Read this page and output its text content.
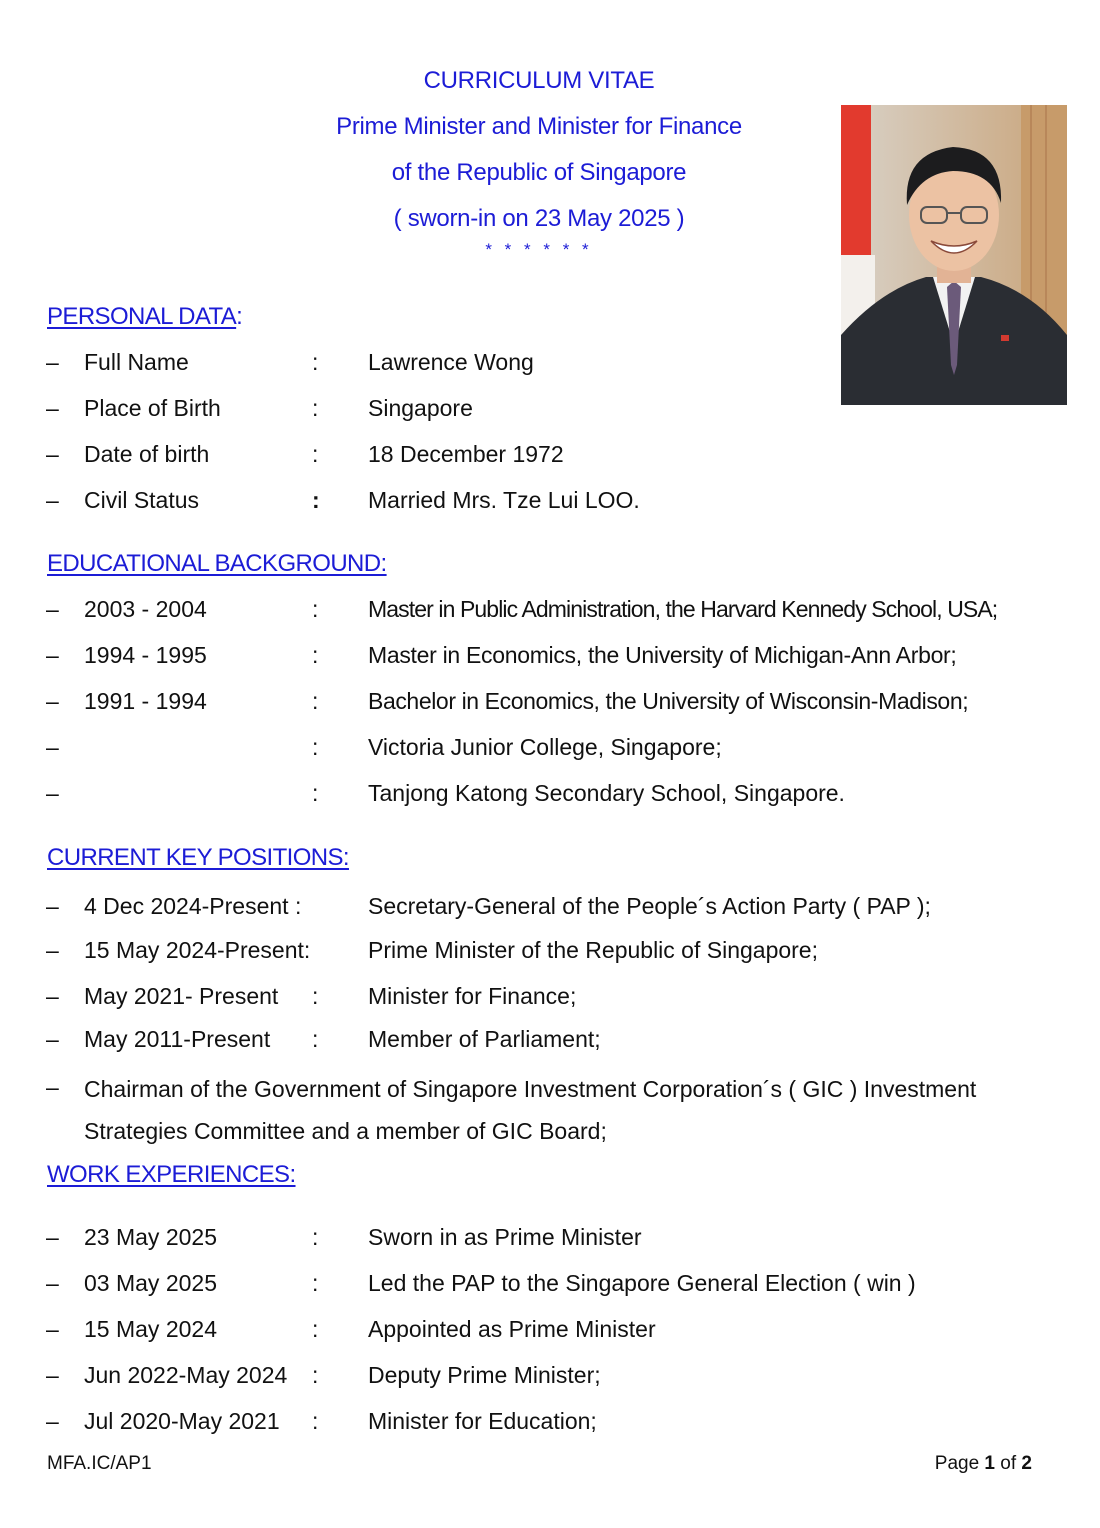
CURRICULUM VITAE
Prime Minister and Minister for Finance
of the Republic of Singapore
( sworn-in on 23 May 2025 )
* * * * * *
PERSONAL DATA:
– Full Name	: Lawrence Wong
– Place of Birth	: Singapore
– Date of birth	: 18 December 1972
– Civil Status	: Married Mrs. Tze Lui LOO.
EDUCATIONAL BACKGROUND:
– 2003 - 2004	: Master in Public Administration, the Harvard Kennedy School, USA;
– 1994 - 1995	: Master in Economics, the University of Michigan-Ann Arbor;
– 1991 - 1994	: Bachelor in Economics, the University of Wisconsin-Madison;
–	: Victoria Junior College, Singapore;
–	: Tanjong Katong Secondary School, Singapore.
CURRENT KEY POSITIONS:
– 4 Dec 2024-Present :	Secretary-General of the People´s Action Party ( PAP );
– 15 May 2024-Present:	Prime Minister of the Republic of Singapore;
– May 2021- Present : Minister for Finance;
– May 2011-Present : Member of Parliament;
– Chairman of the Government of Singapore Investment Corporation´s ( GIC ) Investment Strategies Committee and a member of GIC Board;
WORK EXPERIENCES:
– 23 May 2025	: Sworn in as Prime Minister
– 03 May 2025	: Led the PAP to the Singapore General Election ( win )
– 15 May 2024	: Appointed as Prime Minister
– Jun 2022-May 2024 : Deputy Prime Minister;
– Jul 2020-May 2021 : Minister for Education;
MFA.IC/AP1	Page 1 of 2
